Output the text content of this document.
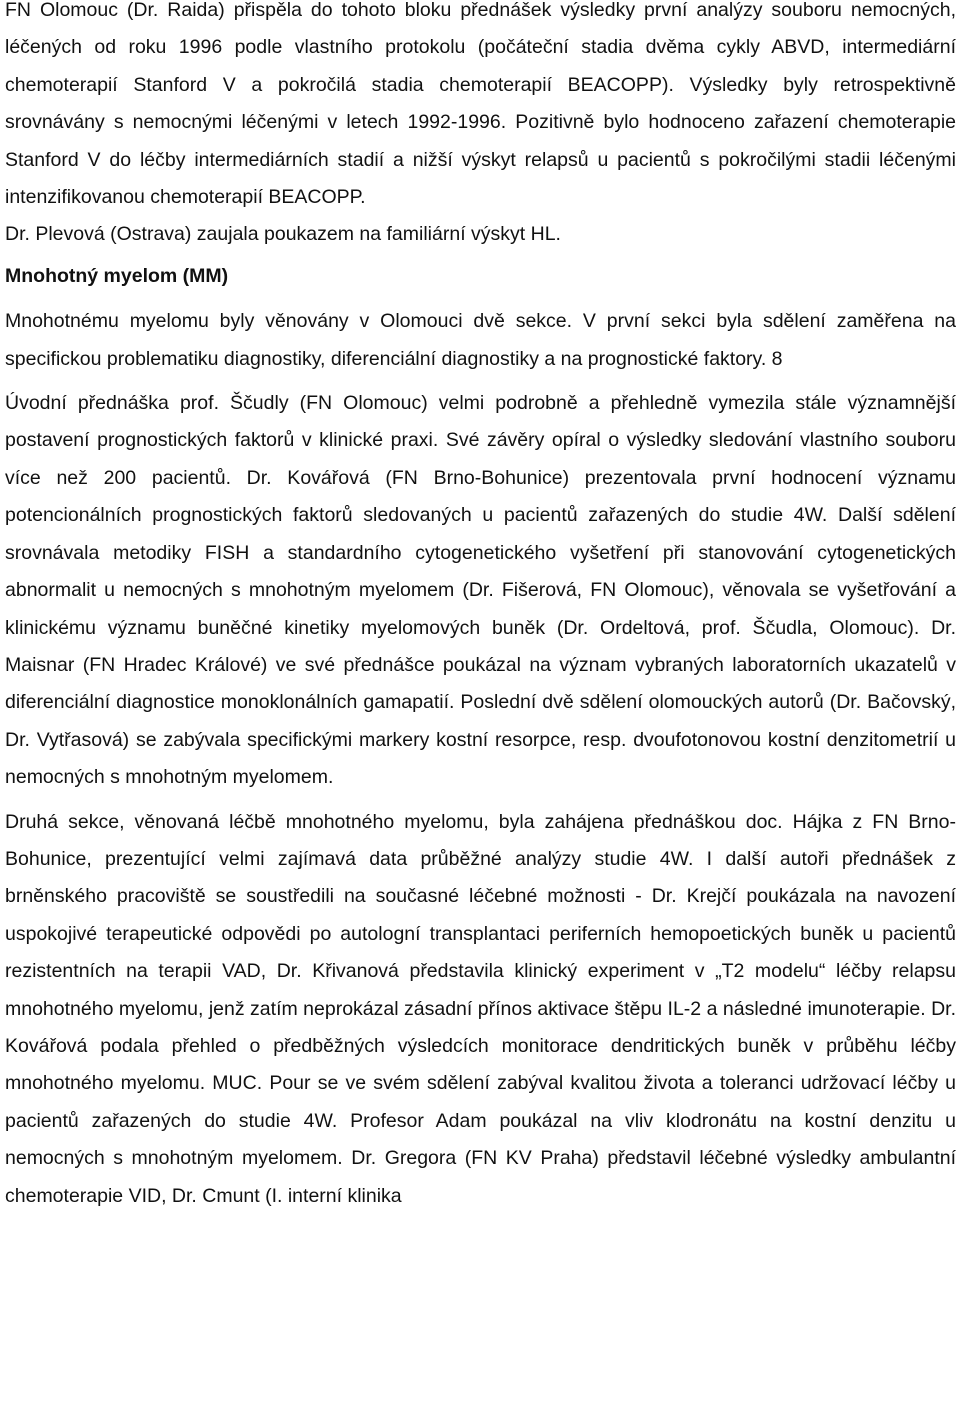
FN Olomouc (Dr. Raida) přispěla do tohoto bloku přednášek výsledky první analýzy souboru nemocných, léčených od roku 1996 podle vlastního protokolu (počáteční stadia dvěma cykly ABVD, intermediární chemoterapií Stanford V a pokročilá stadia chemoterapií BEACOPP). Výsledky byly retrospektivně srovnávány s nemocnými léčenými v letech 1992-1996. Pozitivně bylo hodnoceno zařazení chemoterapie Stanford V do léčby intermediárních stadií a nižší výskyt relapsů u pacientů s pokročilými stadii léčenými intenzifikovanou chemoterapií BEACOPP.

Dr. Plevová (Ostrava) zaujala poukazem na familiární výskyt HL.

Mnohotný myelom (MM)

Mnohotnému myelomu byly věnovány v Olomouci dvě sekce. V první sekci byla sdělení zaměřena na specifickou problematiku diagnostiky, diferenciální diagnostiky a na prognostické faktory. 8

Úvodní přednáška prof. Ščudly (FN Olomouc) velmi podrobně a přehledně vymezila stále významnější postavení prognostických faktorů v klinické praxi. Své závěry opíral o výsledky sledování vlastního souboru více než 200 pacientů. Dr. Kovářová (FN Brno-Bohunice) prezentovala první hodnocení významu potencionálních prognostických faktorů sledovaných u pacientů zařazených do studie 4W. Další sdělení srovnávala metodiky FISH a standardního cytogenetického vyšetření při stanovování cytogenetických abnormalit u nemocných s mnohotným myelomem (Dr. Fišerová, FN Olomouc), věnovala se vyšetřování a klinickému významu buněčné kinetiky myelomových buněk (Dr. Ordeltová, prof. Ščudla, Olomouc). Dr. Maisnar (FN Hradec Králové) ve své přednášce poukázal na význam vybraných laboratorních ukazatelů v diferenciální diagnostice monoklonálních gamapatií. Poslední dvě sdělení olomouckých autorů (Dr. Bačovský, Dr. Vytřasová) se zabývala specifickými markery kostní resorpce, resp. dvoufotonovou kostní denzitometrií u nemocných s mnohotným myelomem.

Druhá sekce, věnovaná léčbě mnohotného myelomu, byla zahájena přednáškou doc. Hájka z FN Brno-Bohunice, prezentující velmi zajímavá data průběžné analýzy studie 4W. I další autoři přednášek z brněnského pracoviště se soustředili na současné léčebné možnosti - Dr. Krejčí poukázala na navození uspokojivé terapeutické odpovědi po autologní transplantaci periferních hemopoetických buněk u pacientů rezistentních na terapii VAD, Dr. Křivanová představila klinický experiment v „T2 modelu“ léčby relapsu mnohotného myelomu, jenž zatím neprokázal zásadní přínos aktivace štěpu IL-2 a následné imunoterapie. Dr. Kovářová podala přehled o předběžných výsledcích monitorace dendritických buněk v průběhu léčby mnohotného myelomu. MUC. Pour se ve svém sdělení zabýval kvalitou života a toleranci udržovací léčby u pacientů zařazených do studie 4W. Profesor Adam poukázal na vliv klodronátu na kostní denzitu u nemocných s mnohotným myelomem. Dr. Gregora (FN KV Praha) představil léčebné výsledky ambulantní chemoterapie VID, Dr. Cmunt (I. interní klinika
